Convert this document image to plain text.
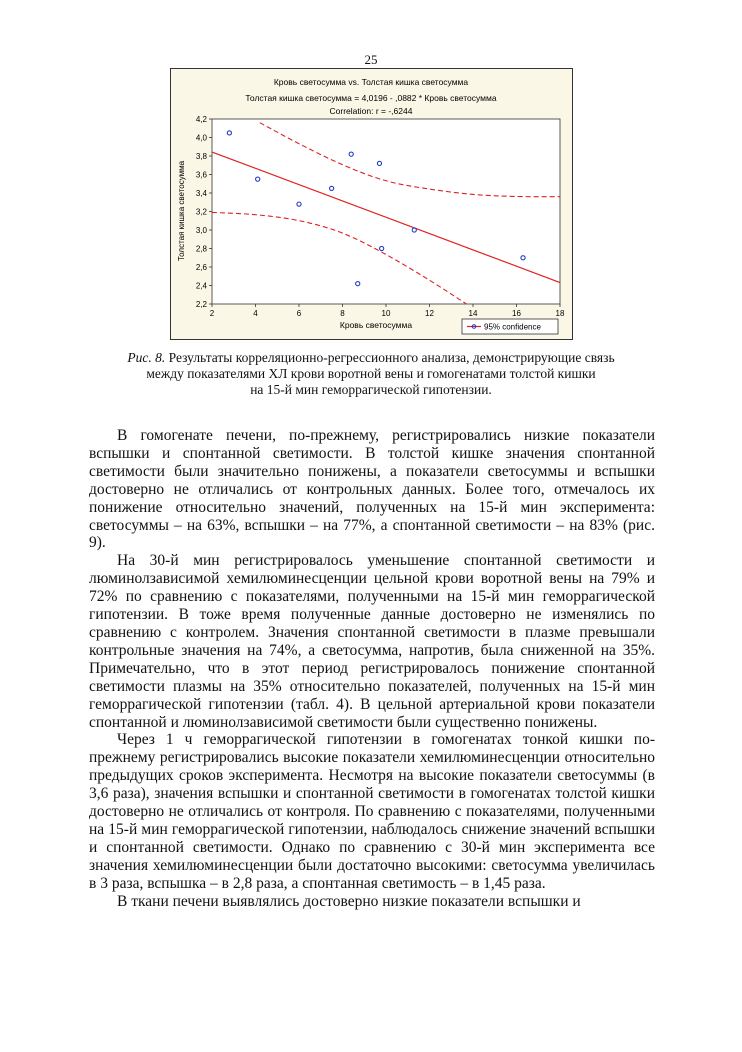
25
Кровь светосумма vs. Толстая кишка светосумма
Толстая кишка светосумма = 4,0196 - ,0882 * Кровь светосумма
Correlation: r = -,6244
2	4	6	8	10	12	14	16	18
2,2
2,4
2,6
2,8
3,0
3,2
3,4
3,6
3,8
4,0
4,2
Кровь светосумма
Толстая кишка светосумма
95% confidence
Рис. 8. Результаты корреляционно-регрессионного анализа, демонстрирующие связь
между показателями ХЛ крови воротной вены и гомогенатами толстой кишки
на 15-й мин геморрагической гипотензии.

В гомогенате печени, по-прежнему, регистрировались низкие показатели вспышки и спонтанной светимости. В толстой кишке значения спонтанной светимости были значительно понижены, а показатели светосуммы и вспышки достоверно не отличались от контрольных данных. Более того, отмечалось их понижение относительно значений, полученных на 15-й мин эксперимента: светосуммы – на 63%, вспышки – на 77%, а спонтанной светимости – на 83% (рис. 9).

На 30-й мин регистрировалось уменьшение спонтанной светимости и люминолзависимой хемилюминесценции цельной крови воротной вены на 79% и 72% по сравнению с показателями, полученными на 15-й мин геморрагической гипотензии. В тоже время полученные данные достоверно не изменялись по сравнению с контролем. Значения спонтанной светимости в плазме превышали контрольные значения на 74%, а светосумма, напротив, была сниженной на 35%. Примечательно, что в этот период регистрировалось понижение спонтанной светимости плазмы на 35% относительно показателей, полученных на 15-й мин геморрагической гипотензии (табл. 4). В цельной артериальной крови показатели спонтанной и люминолзависимой светимости были существенно понижены.

Через 1 ч геморрагической гипотензии в гомогенатах тонкой кишки по-прежнему регистрировались высокие показатели хемилюминесценции относительно предыдущих сроков эксперимента. Несмотря на высокие показатели светосуммы (в 3,6 раза), значения вспышки и спонтанной светимости в гомогенатах толстой кишки достоверно не отличались от контроля. По сравнению с показателями, полученными на 15-й мин геморрагической гипотензии, наблюдалось снижение значений вспышки и спонтанной светимости. Однако по сравнению с 30-й мин эксперимента все значения хемилюминесценции были достаточно высокими: светосумма увеличилась в 3 раза, вспышка – в 2,8 раза, а спонтанная светимость – в 1,45 раза.

В ткани печени выявлялись достоверно низкие показатели вспышки и
